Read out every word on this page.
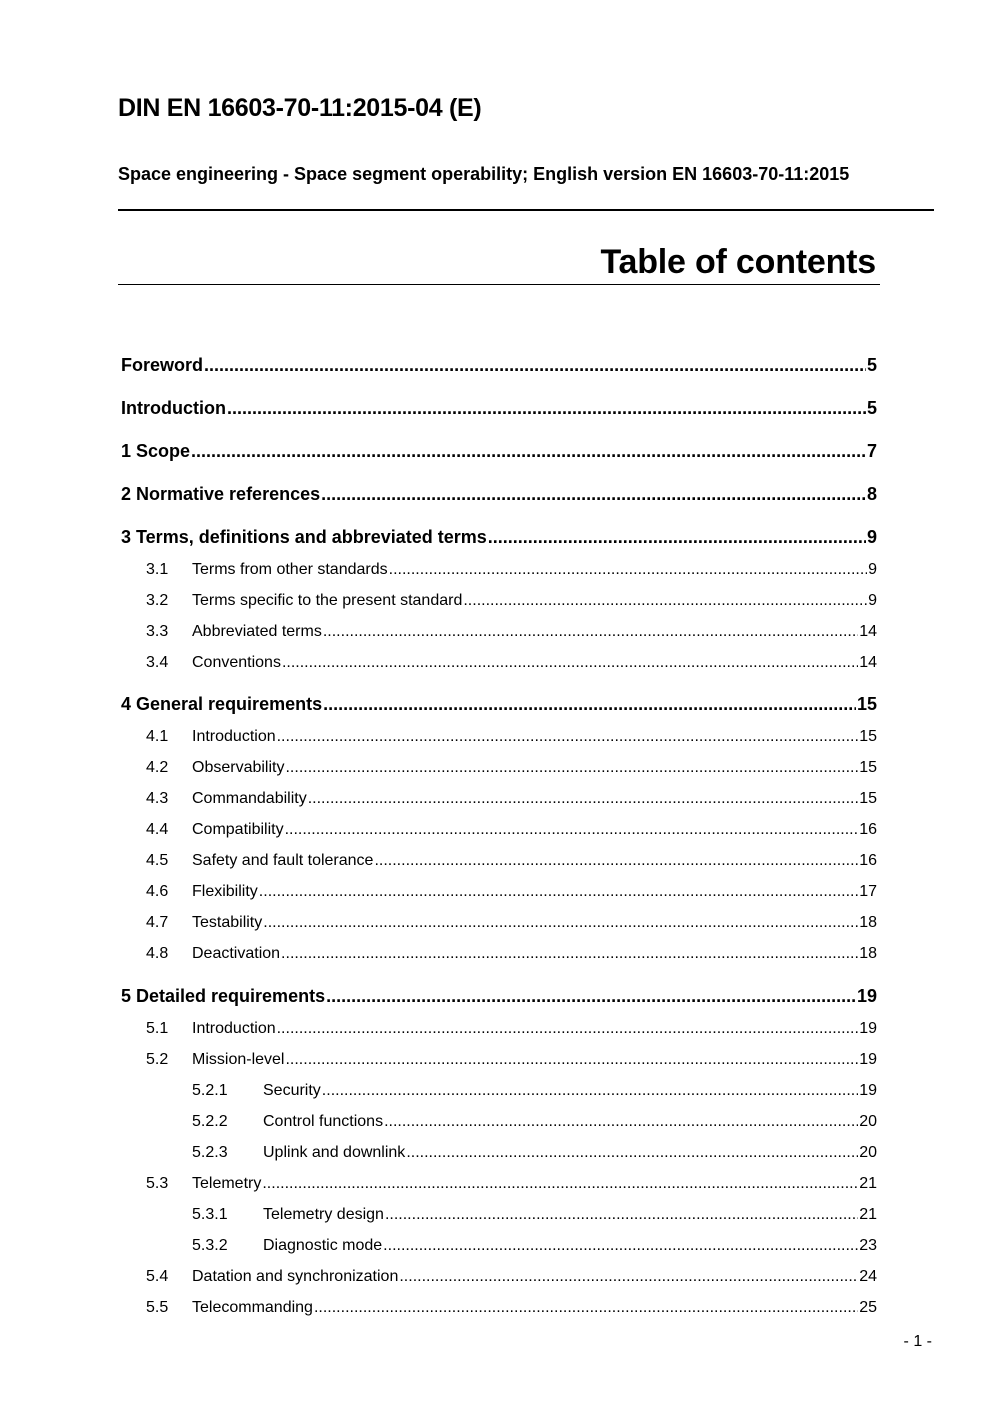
DIN EN 16603-70-11:2015-04 (E)
Space engineering - Space segment operability; English version EN 16603-70-11:2015
Table of contents
Foreword .....	5
Introduction .....	5
1 Scope .....	7
2 Normative references .....	8
3 Terms, definitions and abbreviated terms .....	9
3.1	Terms from other standards .....	9
3.2	Terms specific to the present standard .....	9
3.3	Abbreviated terms .....	14
3.4	Conventions .....	14
4 General requirements .....	15
4.1	Introduction .....	15
4.2	Observability .....	15
4.3	Commandability .....	15
4.4	Compatibility .....	16
4.5	Safety and fault tolerance .....	16
4.6	Flexibility .....	17
4.7	Testability .....	18
4.8	Deactivation .....	18
5 Detailed requirements .....	19
5.1	Introduction .....	19
5.2	Mission-level .....	19
5.2.1	Security .....	19
5.2.2	Control functions .....	20
5.2.3	Uplink and downlink .....	20
5.3	Telemetry .....	21
5.3.1	Telemetry design .....	21
5.3.2	Diagnostic mode .....	23
5.4	Datation and synchronization .....	24
5.5	Telecommanding .....	25
- 1 -
